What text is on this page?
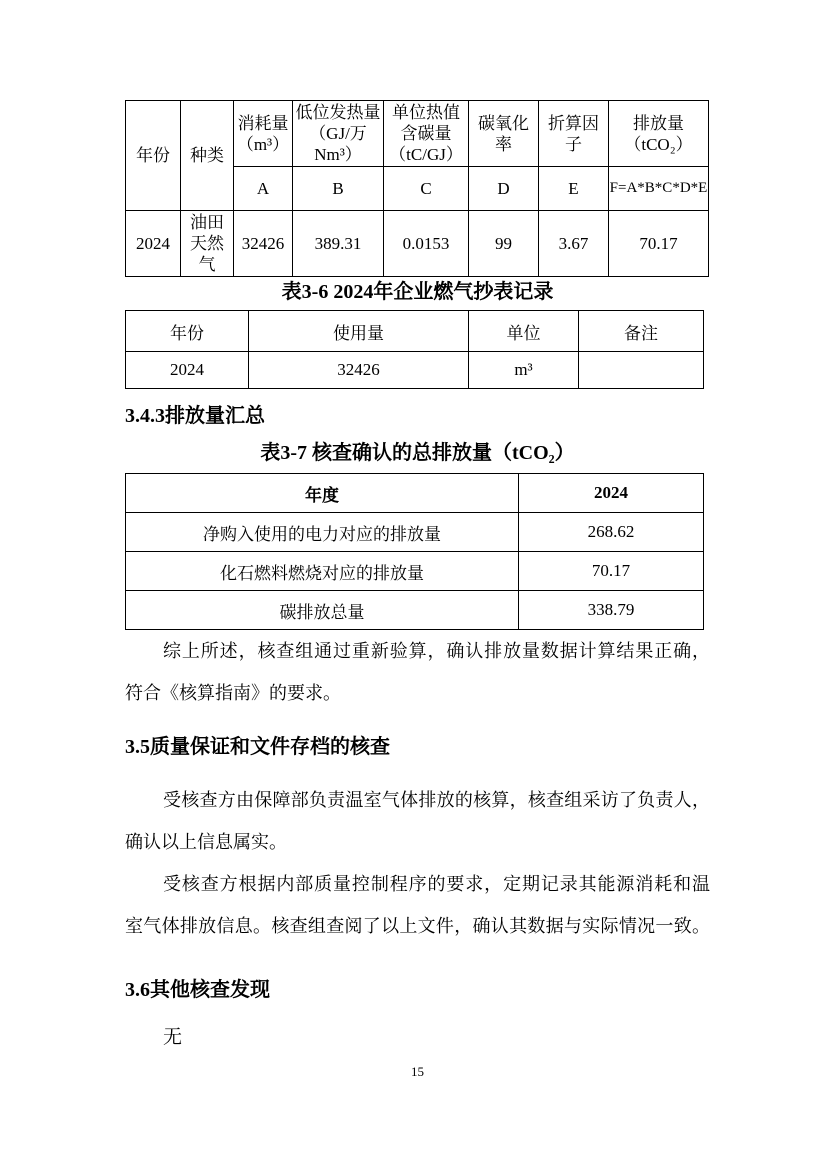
年份	种类	消耗量（m³）	低位发热量（GJ/万Nm³）	单位热值含碳量（tC/GJ）	碳氧化率	折算因子	排放量（tCO₂）
		A	B	C	D	E	F=A*B*C*D*E
2024	油田天然气	32426	389.31	0.0153	99	3.67	70.17
表3-6 2024年企业燃气抄表记录
年份	使用量	单位	备注
2024	32426	m³	
3.4.3排放量汇总
表3-7 核查确认的总排放量（tCO₂）
年度	2024
净购入使用的电力对应的排放量	268.62
化石燃料燃烧对应的排放量	70.17
碳排放总量	338.79
综上所述，核查组通过重新验算，确认排放量数据计算结果正确，
符合《核算指南》的要求。
3.5质量保证和文件存档的核查
受核查方由保障部负责温室气体排放的核算，核查组采访了负责人，
确认以上信息属实。
受核查方根据内部质量控制程序的要求，定期记录其能源消耗和温
室气体排放信息。核查组查阅了以上文件，确认其数据与实际情况一致。
3.6其他核查发现
无
15
